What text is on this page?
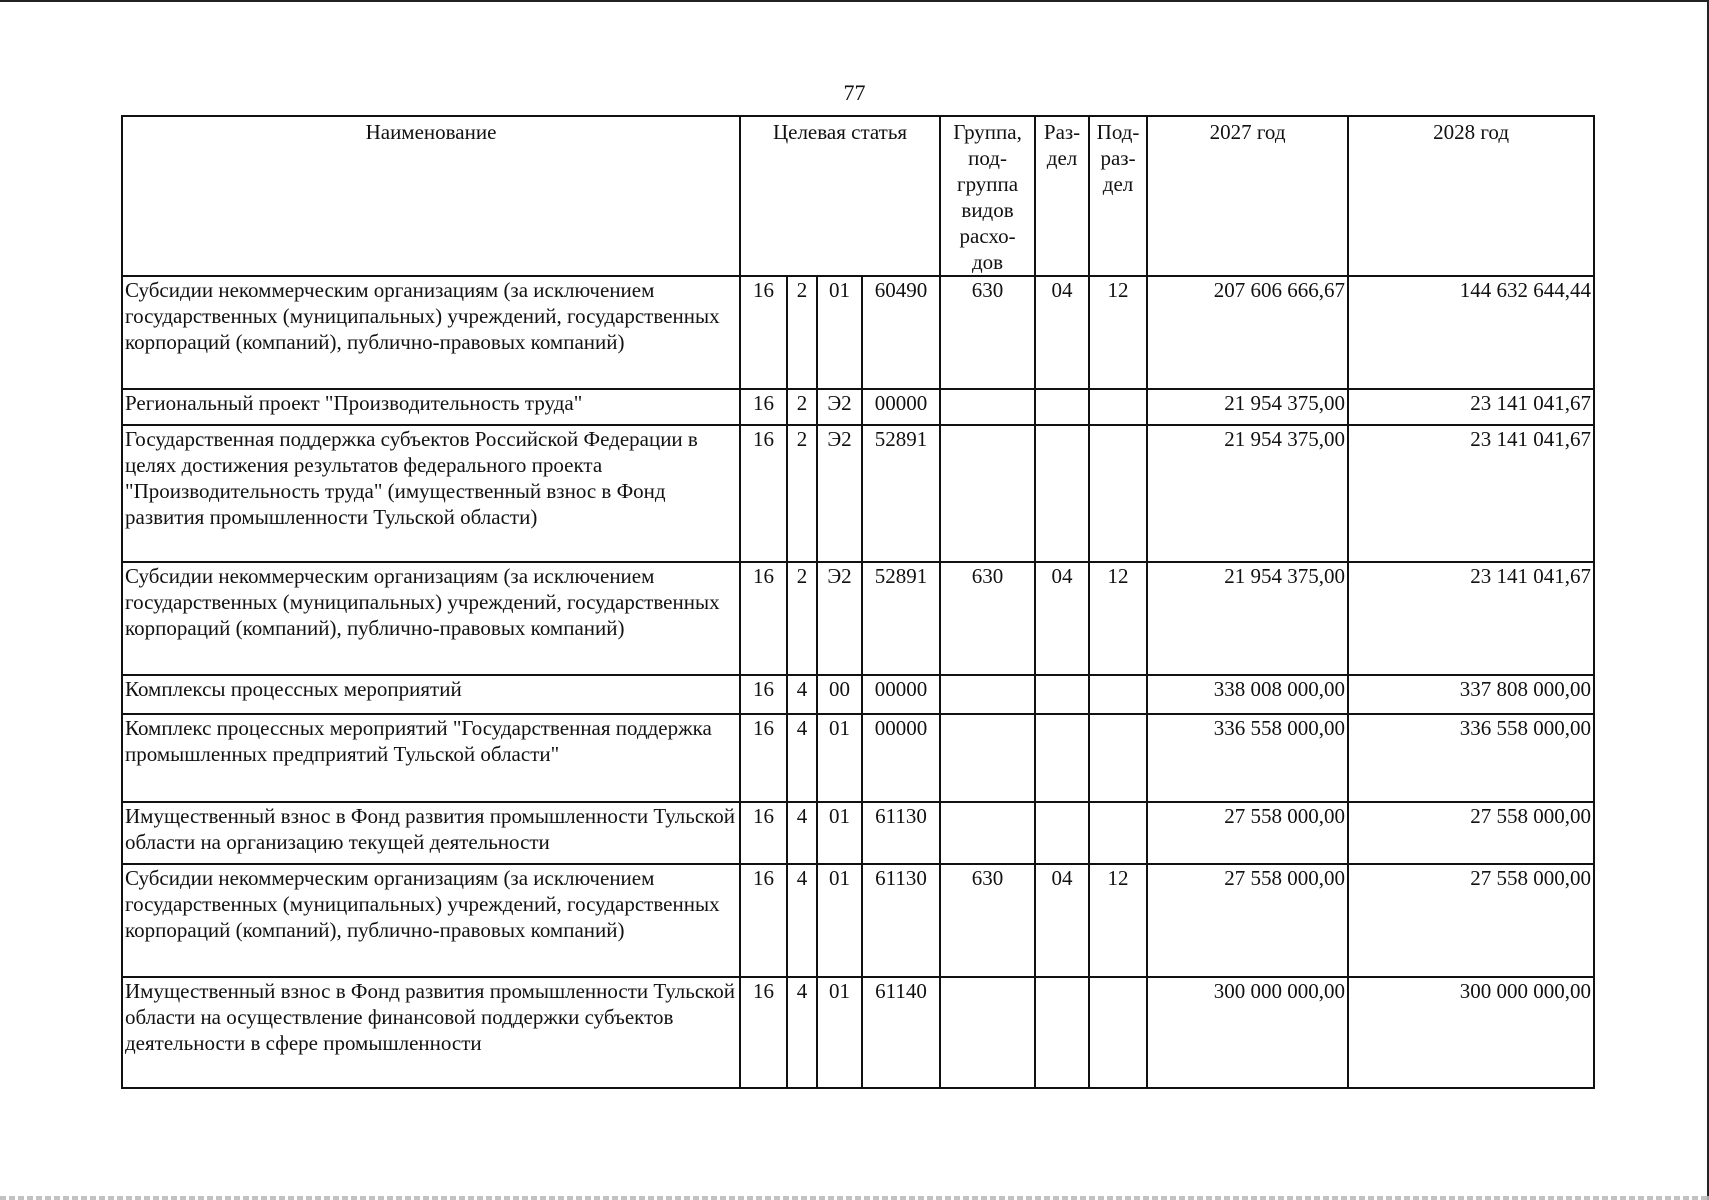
77
Наименование	Целевая статья				Группа, под- группа видов расхо- дов	Раз- дел	Под- раз- дел	2027 год	2028 год
Субсидии некоммерческим организациям (за исключением государственных (муниципальных) учреждений, государственных корпораций (компаний), публично-правовых компаний)	16	2	01	60490	630	04	12	207 606 666,67	144 632 644,44
Региональный проект "Производительность труда"	16	2	Э2	00000				21 954 375,00	23 141 041,67
Государственная поддержка субъектов Российской Федерации в целях достижения результатов федерального проекта "Производительность труда" (имущественный взнос в Фонд развития промышленности Тульской области)	16	2	Э2	52891				21 954 375,00	23 141 041,67
Субсидии некоммерческим организациям (за исключением государственных (муниципальных) учреждений, государственных корпораций (компаний), публично-правовых компаний)	16	2	Э2	52891	630	04	12	21 954 375,00	23 141 041,67
Комплексы процессных мероприятий	16	4	00	00000				338 008 000,00	337 808 000,00
Комплекс процессных мероприятий "Государственная поддержка промышленных предприятий Тульской области"	16	4	01	00000				336 558 000,00	336 558 000,00
Имущественный взнос в Фонд развития промышленности Тульской области на организацию текущей деятельности	16	4	01	61130				27 558 000,00	27 558 000,00
Субсидии некоммерческим организациям (за исключением государственных (муниципальных) учреждений, государственных корпораций (компаний), публично-правовых компаний)	16	4	01	61130	630	04	12	27 558 000,00	27 558 000,00
Имущественный взнос в Фонд развития промышленности Тульской области на осуществление финансовой поддержки субъектов деятельности в сфере промышленности	16	4	01	61140				300 000 000,00	300 000 000,00
